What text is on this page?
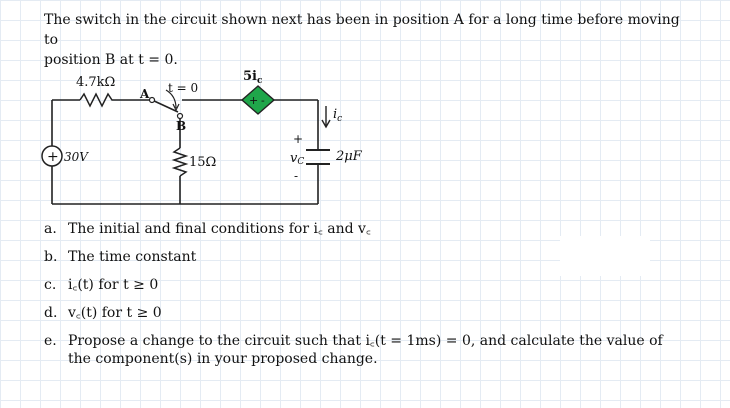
The switch in the circuit shown next has been in position A for a long time before moving to
position B at t = 0.
+
+ -
4.7kΩ	t = 0
A
B
30V	15Ω	2μF
$5i_c$
vC
+
-
$i_c$
a. The initial and final conditions for i꜀ and v꜀
b. The time constant
c. i꜀(t) for t ≥ 0
d. v꜀(t) for t ≥ 0
e. Propose a change to the circuit such that i꜀(t = 1ms) = 0, and calculate the value of the component(s) in your proposed change.
